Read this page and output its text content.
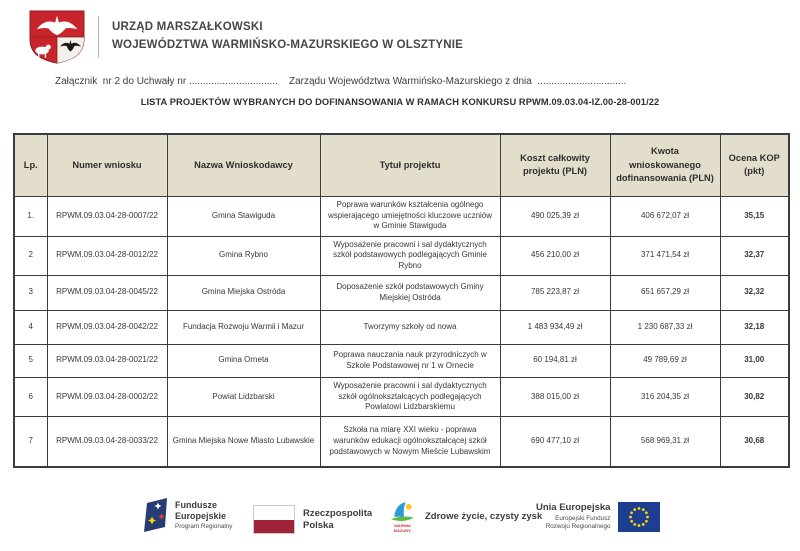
URZĄD MARSZAŁKOWSKI
WOJEWÓDZTWA WARMIŃSKO-MAZURSKIEGO W OLSZTYNIE
Załącznik  nr 2 do Uchwały nr ................................    Zarządu Województwa Warmińsko-Mazurskiego z dnia  ................................
LISTA PROJEKTÓW WYBRANYCH DO DOFINANSOWANIA W RAMACH KONKURSU RPWM.09.03.04-IZ.00-28-001/22
Lp.	Numer wniosku	Nazwa Wnioskodawcy	Tytuł projektu	Koszt całkowity projektu (PLN)	Kwota wnioskowanego dofinansowania (PLN)	Ocena KOP (pkt)
1.	RPWM.09.03.04-28-0007/22	Gmina Stawiguda	Poprawa warunków kształcenia ogólnego wspierającego umiejętności kluczowe uczniów w Gminie Stawiguda	490 025,39 zł	406 672,07 zł	35,15
2	RPWM.09.03.04-28-0012/22	Gmina Rybno	Wyposażenie pracowni i sal dydaktycznych szkół podstawowych podlegających Gminie Rybno	456 210,00 zł	371 471,54 zł	32,37
3	RPWM.09.03.04-28-0045/22	Gmina Miejska Ostróda	Doposażenie szkół podstawowych Gminy Miejskiej Ostróda	785 223,87 zł	651 657,29 zł	32,32
4	RPWM.09.03.04-28-0042/22	Fundacja Rozwoju Warmii i Mazur	Tworzymy szkoły od nowa	1 483 934,49 zł	1 230 687,33 zł	32,18
5	RPWM.09.03.04-28-0021/22	Gmina Orneta	Poprawa nauczania nauk przyrodniczych w Szkole Podstawowej nr 1 w Ornecie	60 194,81 zł	49 789,69 zł	31,00
6	RPWM.09.03.04-28-0002/22	Powiat Lidzbarski	Wyposażenie pracowni i sal dydaktycznych szkół ogólnokształcących podlegających Powiatowi Lidzbarskiemu	388 015,00 zł	316 204,35 zł	30,82
7	RPWM.09.03.04-28-0033/22	Gmina Miejska Nowe Miasto Lubawskie	Szkoła na miarę XXI wieku - poprawa warunków edukacji ogólnokształcącej szkół podstawowych w Nowym Mieście Lubawskim	690 477,10 zł	568 969,31 zł	30,68
Fundusze
Europejskie
Program Regionalny
Rzeczpospolita
Polska	WARMIA
MAZURY.
Zdrowe życie, czysty zysk
Unia Europejska
Europejski Fundusz
Rozwoju Regionalnego
